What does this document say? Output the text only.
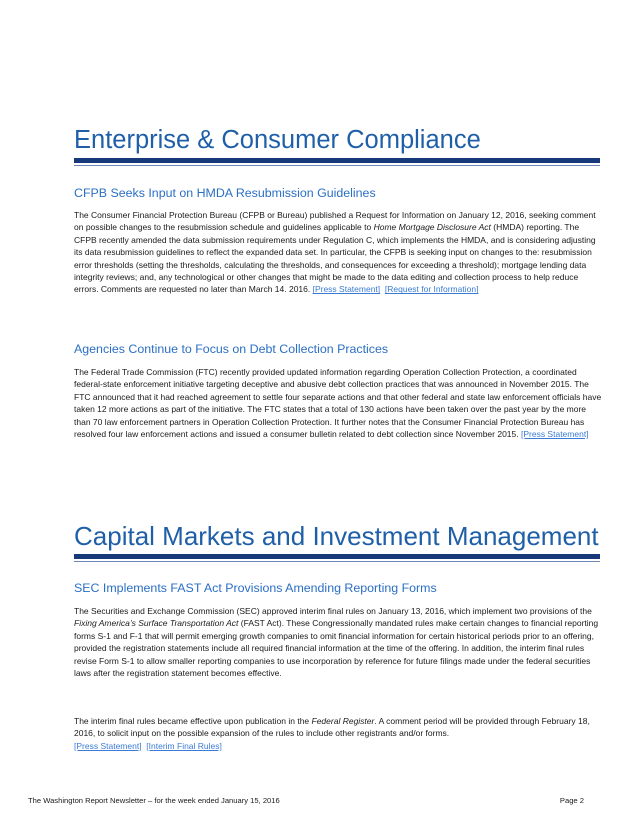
Enterprise & Consumer Compliance
CFPB Seeks Input on HMDA Resubmission Guidelines

The Consumer Financial Protection Bureau (CFPB or Bureau) published a Request for Information on January 12, 2016, seeking comment on possible changes to the resubmission schedule and guidelines applicable to Home Mortgage Disclosure Act (HMDA) reporting. The CFPB recently amended the data submission requirements under Regulation C, which implements the HMDA, and is considering adjusting its data resubmission guidelines to reflect the expanded data set. In particular, the CFPB is seeking input on changes to the: resubmission error thresholds (setting the thresholds, calculating the thresholds, and consequences for exceeding a threshold); mortgage lending data integrity reviews; and, any technological or other changes that might be made to the data editing and collection process to help reduce errors. Comments are requested no later than March 14. 2016. [Press Statement] [Request for Information]

Agencies Continue to Focus on Debt Collection Practices

The Federal Trade Commission (FTC) recently provided updated information regarding Operation Collection Protection, a coordinated federal-state enforcement initiative targeting deceptive and abusive debt collection practices that was announced in November 2015. The FTC announced that it had reached agreement to settle four separate actions and that other federal and state law enforcement officials have taken 12 more actions as part of the initiative. The FTC states that a total of 130 actions have been taken over the past year by the more than 70 law enforcement partners in Operation Collection Protection. It further notes that the Consumer Financial Protection Bureau has resolved four law enforcement actions and issued a consumer bulletin related to debt collection since November 2015. [Press Statement]

Capital Markets and Investment Management
SEC Implements FAST Act Provisions Amending Reporting Forms

The Securities and Exchange Commission (SEC) approved interim final rules on January 13, 2016, which implement two provisions of the Fixing America’s Surface Transportation Act (FAST Act). These Congressionally mandated rules make certain changes to financial reporting forms S-1 and F-1 that will permit emerging growth companies to omit financial information for certain historical periods prior to an offering, provided the registration statements include all required financial information at the time of the offering. In addition, the interim final rules revise Form S-1 to allow smaller reporting companies to use incorporation by reference for future filings made under the federal securities laws after the registration statement becomes effective.

The interim final rules became effective upon publication in the Federal Register. A comment period will be provided through February 18, 2016, to solicit input on the possible expansion of the rules to include other registrants and/or forms.
[Press Statement] [Interim Final Rules]

The Washington Report Newsletter – for the week ended January 15, 2016	Page 2
